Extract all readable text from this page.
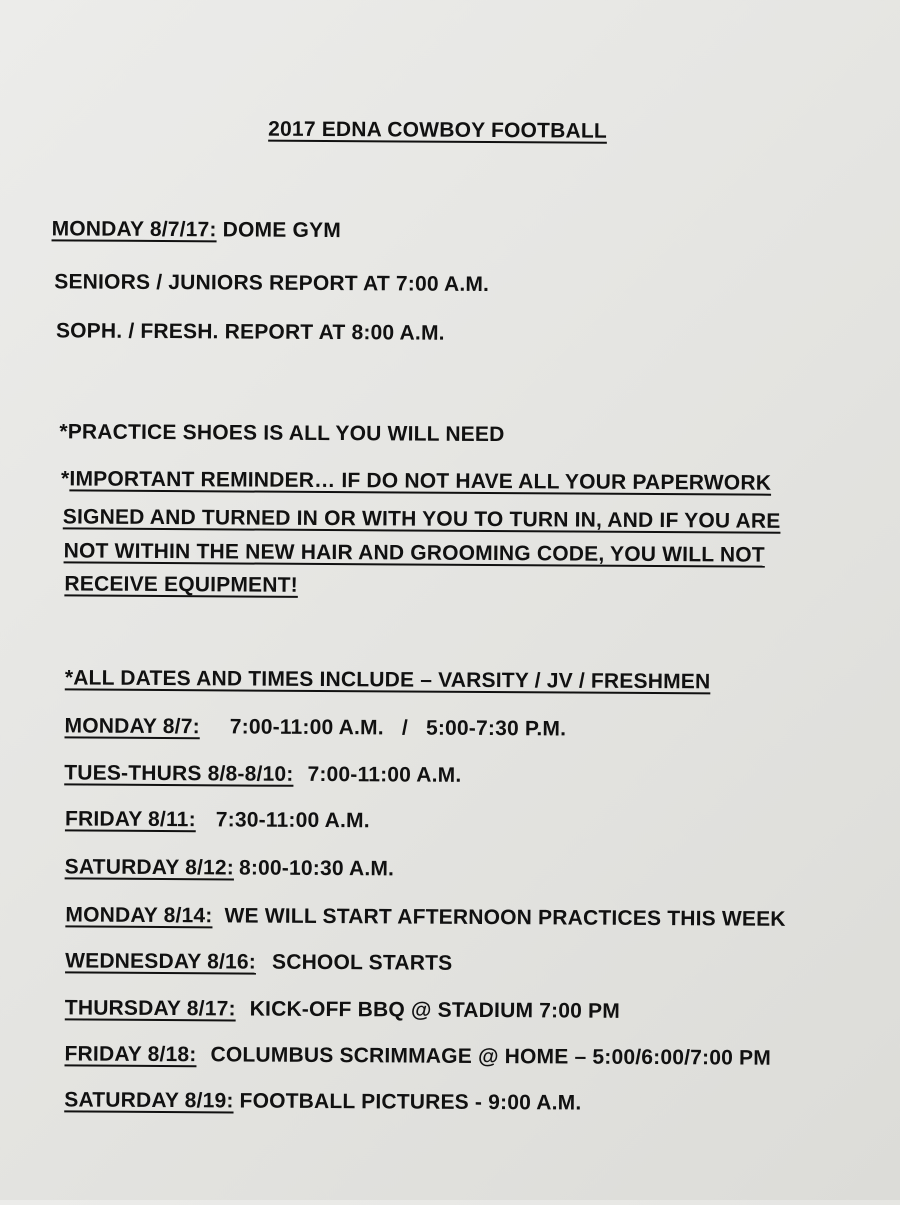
2017 EDNA COWBOY FOOTBALL
MONDAY 8/7/17: DOME GYM
SENIORS / JUNIORS REPORT AT 7:00 A.M.
SOPH. / FRESH. REPORT AT 8:00 A.M.
*PRACTICE SHOES IS ALL YOU WILL NEED
*IMPORTANT REMINDER… IF DO NOT HAVE ALL YOUR PAPERWORK
SIGNED AND TURNED IN OR WITH YOU TO TURN IN, AND IF YOU ARE
NOT WITHIN THE NEW HAIR AND GROOMING CODE, YOU WILL NOT
RECEIVE EQUIPMENT!
*ALL DATES AND TIMES INCLUDE – VARSITY / JV / FRESHMEN
MONDAY 8/7: 7:00-11:00 A.M.   /   5:00-7:30 P.M.
TUES-THURS 8/8-8/10: 7:00-11:00 A.M.
FRIDAY 8/11: 7:30-11:00 A.M.
SATURDAY 8/12: 8:00-10:30 A.M.
MONDAY 8/14: WE WILL START AFTERNOON PRACTICES THIS WEEK
WEDNESDAY 8/16: SCHOOL STARTS
THURSDAY 8/17: KICK-OFF BBQ @ STADIUM 7:00 PM
FRIDAY 8/18: COLUMBUS SCRIMMAGE @ HOME – 5:00/6:00/7:00 PM
SATURDAY 8/19: FOOTBALL PICTURES - 9:00 A.M.
